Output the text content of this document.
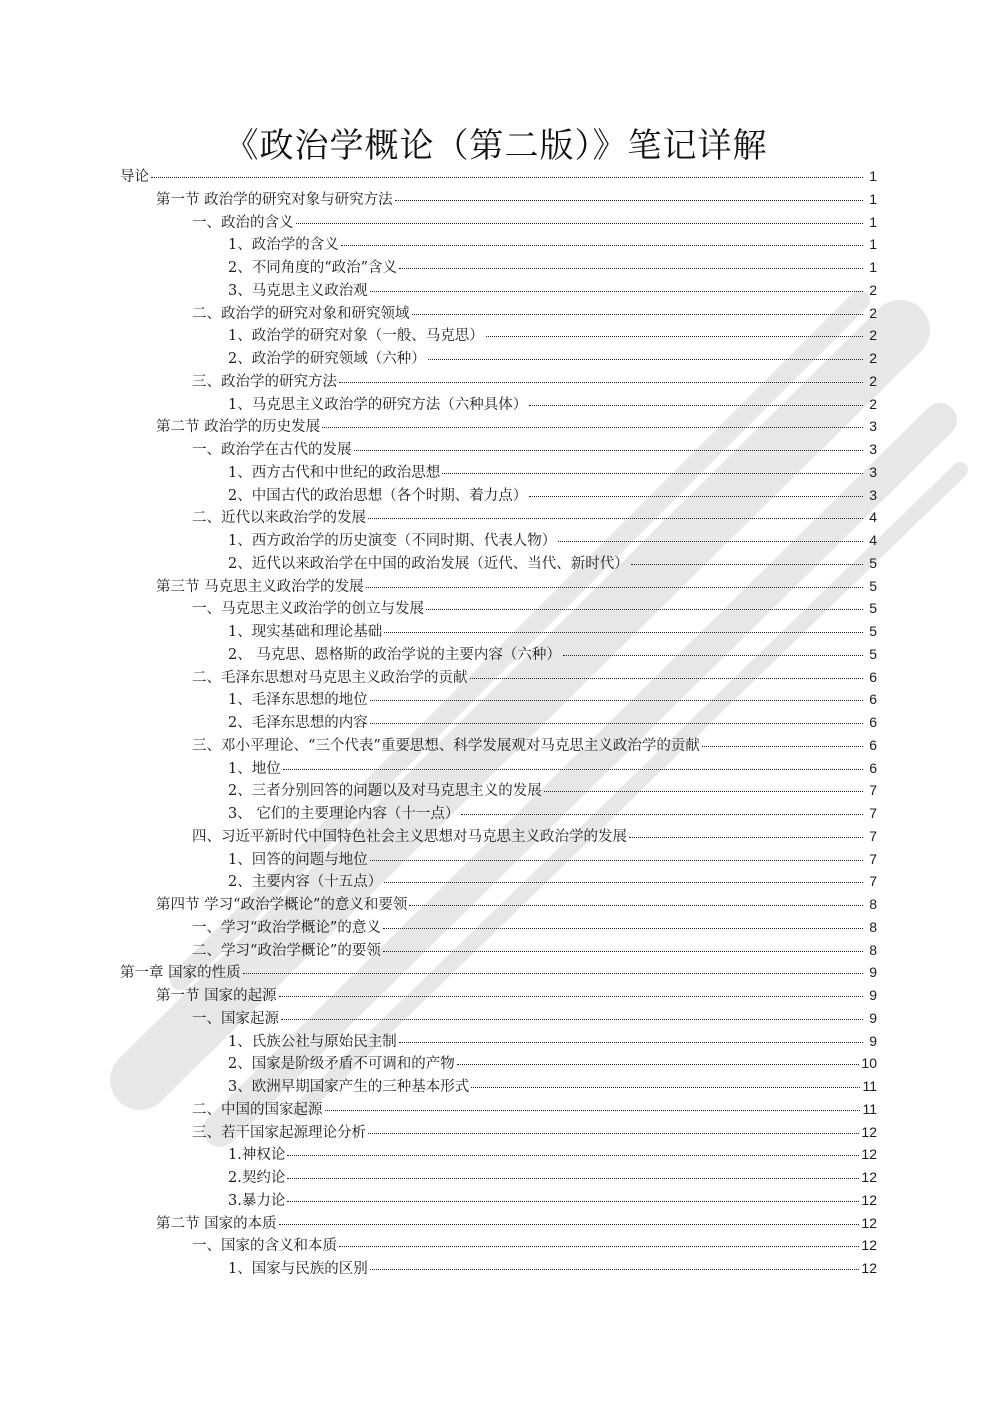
《政治学概论（第二版）》笔记详解
导论	1
第一节 政治学的研究对象与研究方法	1
一、政治的含义	1
1、政治学的含义	1
2、不同角度的“政治”含义	1
3、马克思主义政治观	2
二、政治学的研究对象和研究领域	2
1、政治学的研究对象（一般、马克思）	2
2、政治学的研究领域（六种）	2
三、政治学的研究方法	2
1、马克思主义政治学的研究方法（六种具体）	2
第二节 政治学的历史发展	3
一、政治学在古代的发展	3
1、西方古代和中世纪的政治思想	3
2、中国古代的政治思想（各个时期、着力点）	3
二、近代以来政治学的发展	4
1、西方政治学的历史演变（不同时期、代表人物）	4
2、近代以来政治学在中国的政治发展（近代、当代、新时代）	5
第三节 马克思主义政治学的发展	5
一、马克思主义政治学的创立与发展	5
1、现实基础和理论基础	5
2、 马克思、恩格斯的政治学说的主要内容（六种）	5
二、毛泽东思想对马克思主义政治学的贡献	6
1、毛泽东思想的地位	6
2、毛泽东思想的内容	6
三、邓小平理论、“三个代表”重要思想、科学发展观对马克思主义政治学的贡献	6
1、地位	6
2、三者分别回答的问题以及对马克思主义的发展	7
3、 它们的主要理论内容（十一点）	7
四、习近平新时代中国特色社会主义思想对马克思主义政治学的发展	7
1、回答的问题与地位	7
2、主要内容（十五点）	7
第四节 学习“政治学概论”的意义和要领	8
一、学习“政治学概论”的意义	8
二、学习“政治学概论”的要领	8
第一章 国家的性质	9
第一节 国家的起源	9
一、国家起源	9
1、氏族公社与原始民主制	9
2、国家是阶级矛盾不可调和的产物	10
3、欧洲早期国家产生的三种基本形式	11
二、中国的国家起源	11
三、若干国家起源理论分析	12
1.神权论	12
2.契约论	12
3.暴力论	12
第二节 国家的本质	12
一、国家的含义和本质	12
1、国家与民族的区别	12
